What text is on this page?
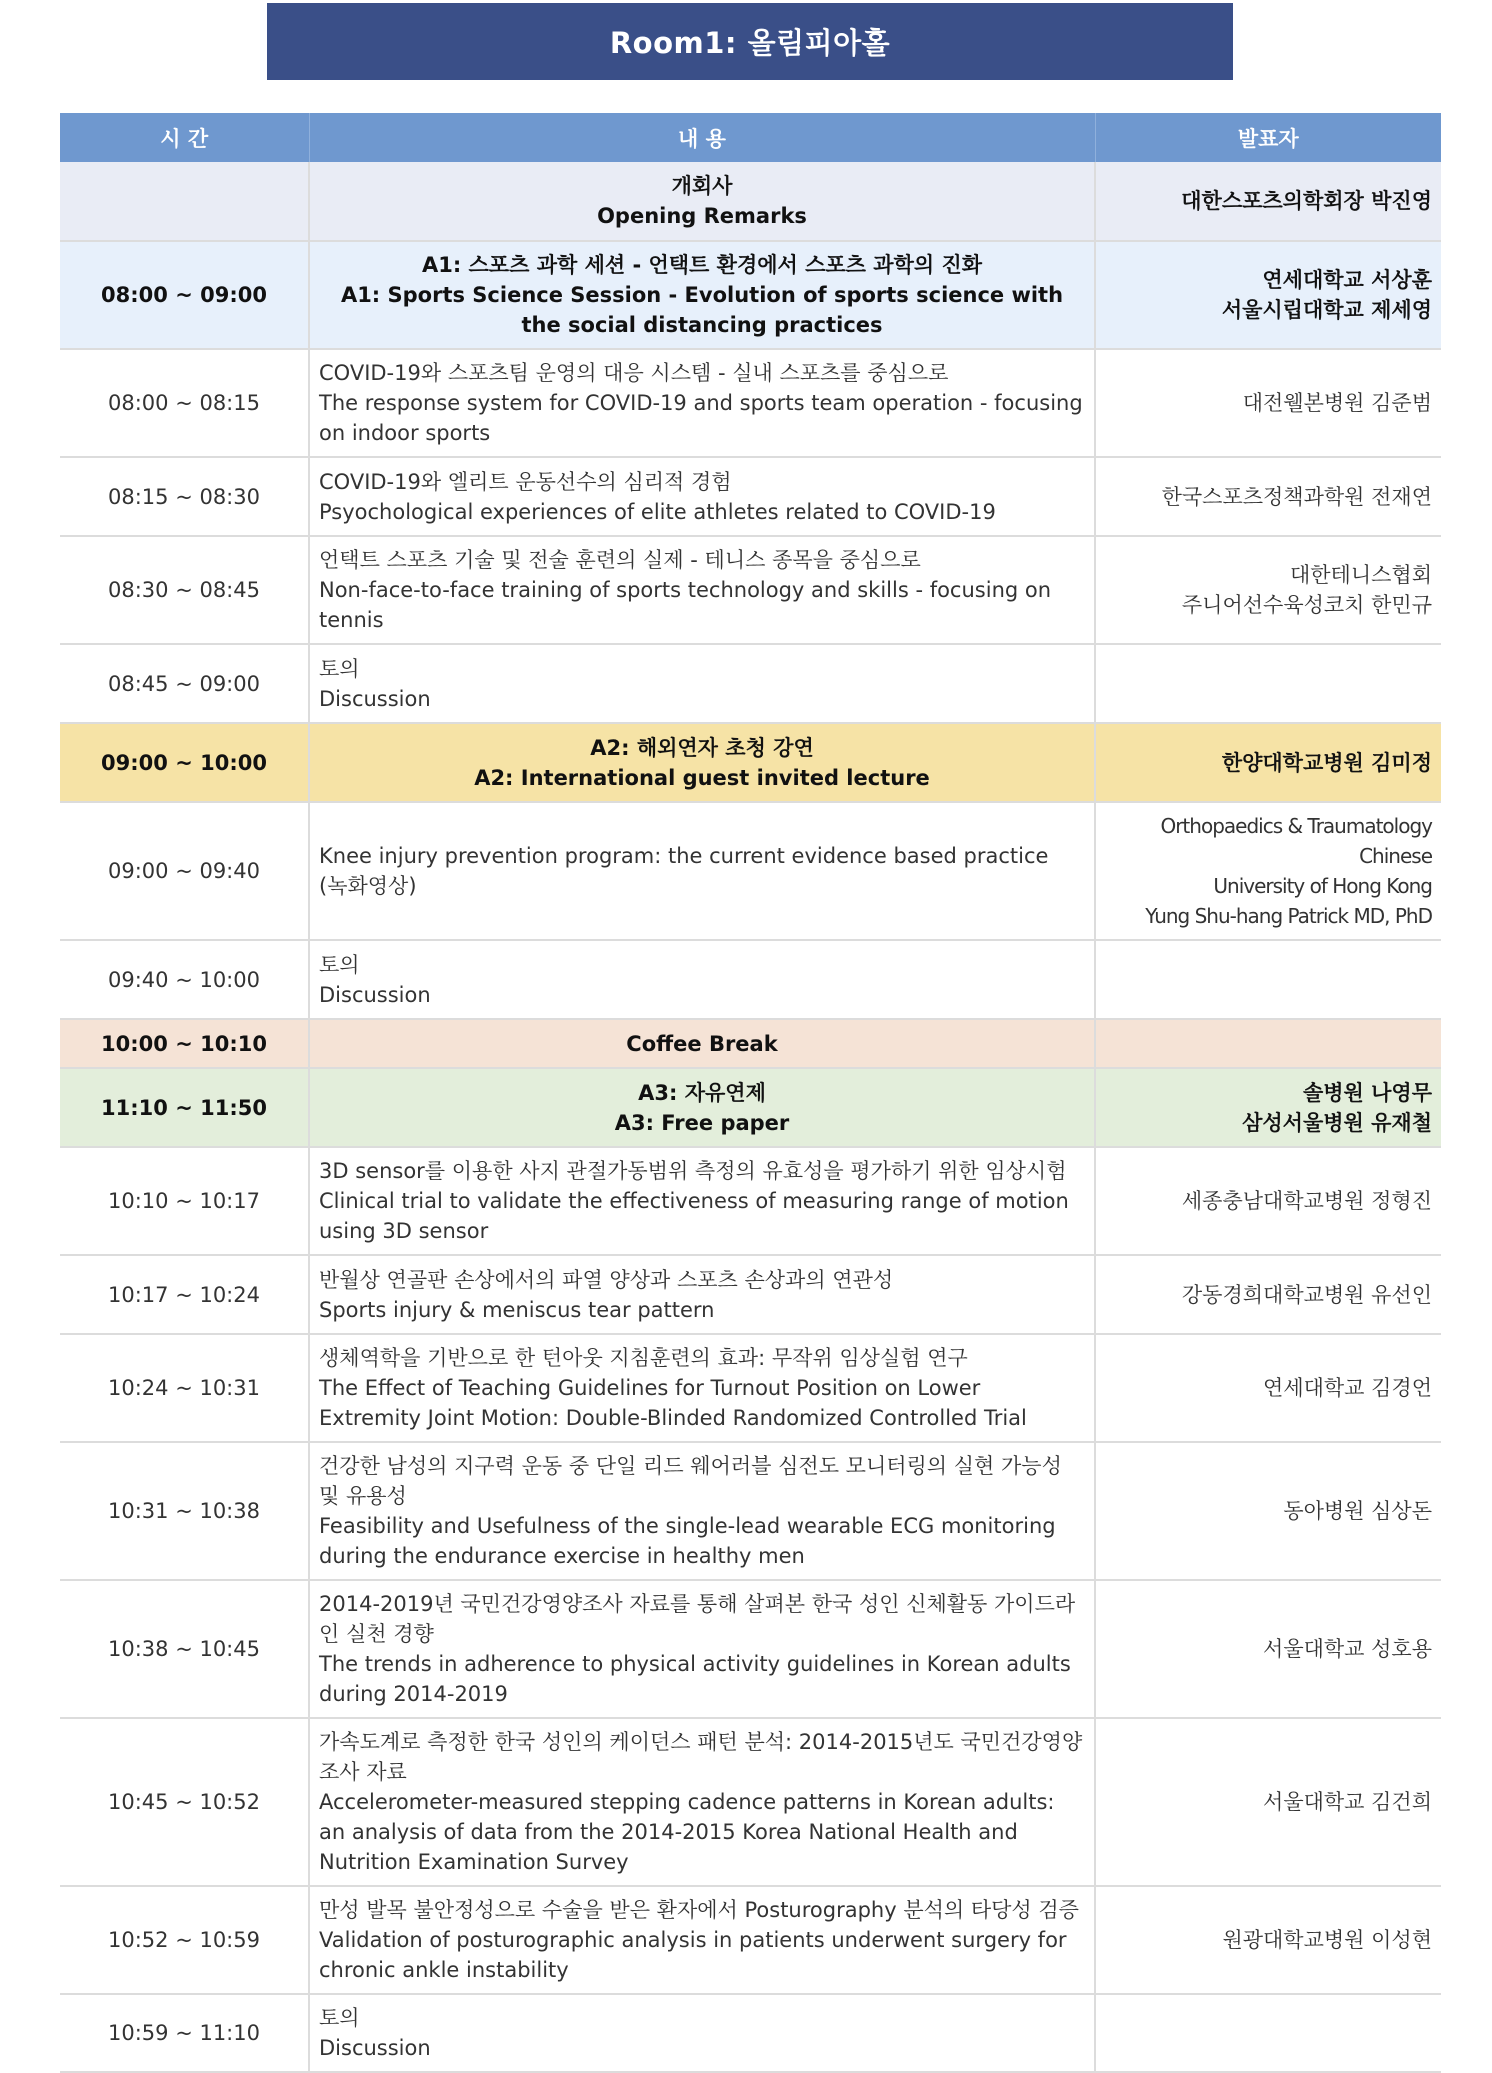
Room1: 올림피아홀
시 간	내 용	발표자

	개회사
Opening Remarks	대한스포츠의학회장 박진영

08:00 ~ 09:00	A1: 스포츠 과학 세션 - 언택트 환경에서 스포츠 과학의 진화
A1: Sports Science Session - Evolution of sports science with the social distancing practices	연세대학교 서상훈
서울시립대학교 제세영

08:00 ~ 08:15	COVID-19와 스포츠팀 운영의 대응 시스템 - 실내 스포츠를 중심으로
The response system for COVID-19 and sports team operation - focusing on indoor sports	대전웰본병원 김준범

08:15 ~ 08:30	COVID-19와 엘리트 운동선수의 심리적 경험
Psyochological experiences of elite athletes related to COVID-19	한국스포츠정책과학원 전재연

08:30 ~ 08:45	언택트 스포츠 기술 및 전술 훈련의 실제 - 테니스 종목을 중심으로
Non-face-to-face training of sports technology and skills - focusing on tennis	대한테니스협회
주니어선수육성코치 한민규

08:45 ~ 09:00	토의
Discussion	

09:00 ~ 10:00	A2: 해외연자 초청 강연
A2: International guest invited lecture	한양대학교병원 김미정

09:00 ~ 09:40	Knee injury prevention program: the current evidence based practice
(녹화영상)	Orthopaedics & Traumatology Chinese
University of Hong Kong
Yung Shu-hang Patrick MD, PhD

09:40 ~ 10:00	토의
Discussion	

10:00 ~ 10:10	Coffee Break	

11:10 ~ 11:50	A3: 자유연제
A3: Free paper	솔병원 나영무
삼성서울병원 유재철

10:10 ~ 10:17	3D sensor를 이용한 사지 관절가동범위 측정의 유효성을 평가하기 위한 임상시험
Clinical trial to validate the effectiveness of measuring range of motion using 3D sensor	세종충남대학교병원 정형진

10:17 ~ 10:24	반월상 연골판 손상에서의 파열 양상과 스포츠 손상과의 연관성
Sports injury & meniscus tear pattern	강동경희대학교병원 유선인

10:24 ~ 10:31	생체역학을 기반으로 한 턴아웃 지침훈련의 효과: 무작위 임상실험 연구
The Effect of Teaching Guidelines for Turnout Position on Lower Extremity Joint Motion: Double-Blinded Randomized Controlled Trial	연세대학교 김경언

10:31 ~ 10:38	건강한 남성의 지구력 운동 중 단일 리드 웨어러블 심전도 모니터링의 실현 가능성 및 유용성
Feasibility and Usefulness of the single-lead wearable ECG monitoring during the endurance exercise in healthy men	동아병원 심상돈

10:38 ~ 10:45	2014-2019년 국민건강영양조사 자료를 통해 살펴본 한국 성인 신체활동 가이드라인 실천 경향
The trends in adherence to physical activity guidelines in Korean adults during 2014-2019	서울대학교 성호용

10:45 ~ 10:52	가속도계로 측정한 한국 성인의 케이던스 패턴 분석: 2014-2015년도 국민건강영양조사 자료
Accelerometer-measured stepping cadence patterns in Korean adults: an analysis of data from the 2014-2015 Korea National Health and Nutrition Examination Survey	서울대학교 김건희

10:52 ~ 10:59	만성 발목 불안정성으로 수술을 받은 환자에서 Posturography 분석의 타당성 검증
Validation of posturographic analysis in patients underwent surgery for chronic ankle instability	원광대학교병원 이성현

10:59 ~ 11:10	토의
Discussion	
